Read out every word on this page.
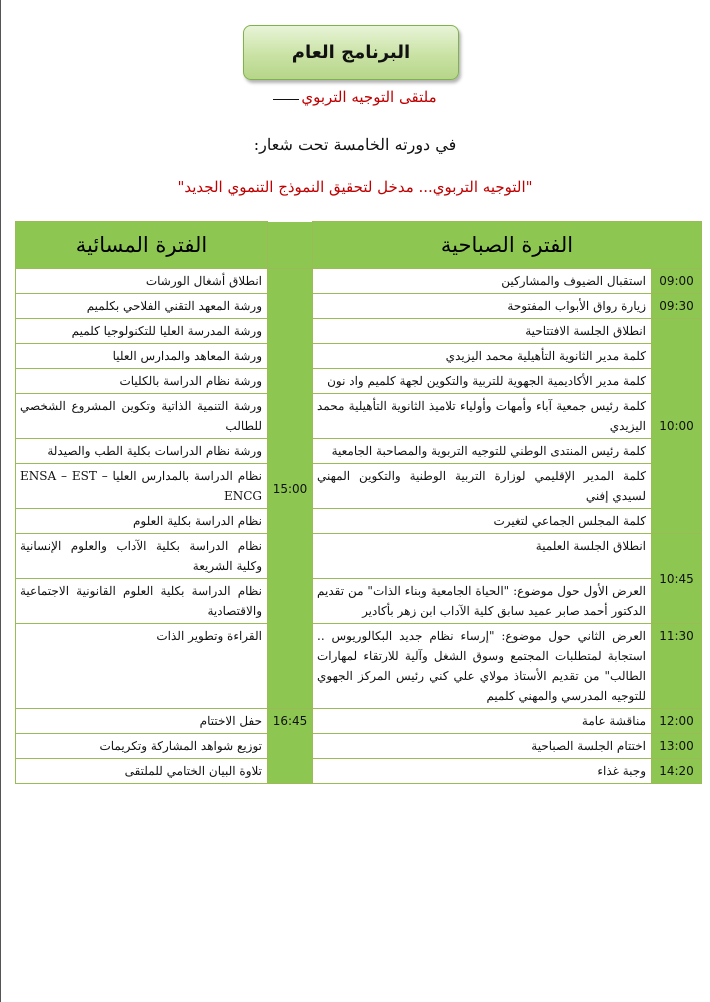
البرنامج العام
ملتقى التوجيه التربوي
في دورته الخامسة تحت شعار:
"التوجيه التربوي... مدخل لتحقيق النموذج التنموي الجديد"
الفترة الصباحية			الفترة المسائية
09:00	استقبال الضيوف والمشاركين	15:00	انطلاق أشغال الورشات
09:30	زيارة رواق الأبواب المفتوحة		ورشة المعهد التقني الفلاحي بكلميم
10:00	انطلاق الجلسة الافتتاحية		ورشة المدرسة العليا للتكنولوجيا كلميم
	كلمة مدير الثانوية التأهيلية محمد اليزيدي		ورشة المعاهد والمدارس العليا
	كلمة مدير الأكاديمية الجهوية للتربية والتكوين لجهة كلميم واد نون		ورشة نظام الدراسة بالكليات
	كلمة رئيس جمعية آباء وأمهات وأولياء تلاميذ الثانوية التأهيلية محمد اليزيدي		ورشة التنمية الذاتية وتكوين المشروع الشخصي للطالب
	كلمة رئيس المنتدى الوطني للتوجيه التربوية والمصاحبة الجامعية		ورشة نظام الدراسات بكلية الطب والصيدلة
	كلمة المدير الإقليمي لوزارة التربية الوطنية والتكوين المهني لسيدي إفني		نظام الدراسة بالمدارس العليا ENSA – EST – ENCG
	كلمة المجلس الجماعي لتغيرت		نظام الدراسة بكلية العلوم
10:45	انطلاق الجلسة العلمية		نظام الدراسة بكلية الآداب والعلوم الإنسانية وكلية الشريعة
	العرض الأول حول موضوع: "الحياة الجامعية وبناء الذات" من تقديم الدكتور أحمد صابر عميد سابق كلية الآداب ابن زهر بأكادير		نظام الدراسة بكلية العلوم القانونية الاجتماعية والاقتصادية
11:30	العرض الثاني حول موضوع: "إرساء نظام جديد البكالوريوس .. استجابة لمتطلبات المجتمع وسوق الشغل وآلية للارتقاء لمهارات الطالب" من تقديم الأستاذ مولاي علي كني رئيس المركز الجهوي للتوجيه المدرسي والمهني كلميم		القراءة وتطوير الذات
12:00	مناقشة عامة	16:45	حفل الاختتام
13:00	اختتام الجلسة الصباحية		توزيع شواهد المشاركة وتكريمات
14:20	وجبة غذاء		تلاوة البيان الختامي للملتقى
